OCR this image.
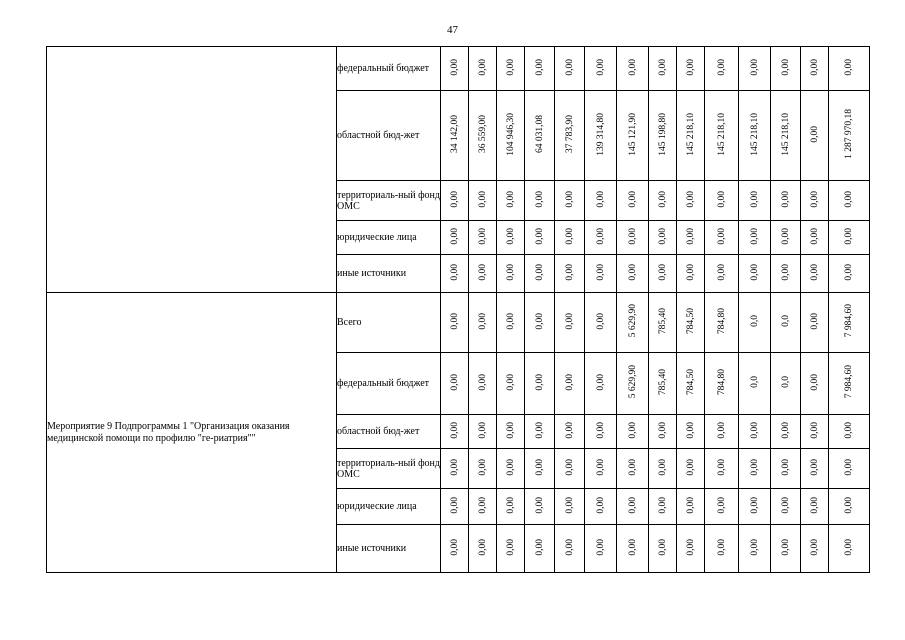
47
	федеральный бюджет	0,00	0,00	0,00	0,00	0,00	0,00	0,00	0,00	0,00	0,00	0,00	0,00	0,00	0,00
	областной бюд-жет	34 142,00	36 559,00	104 946,30	64 031,08	37 783,90	139 314,80	145 121,90	145 198,80	145 218,10	145 218,10	145 218,10	145 218,10	0,00	1 287 970,18
	территориаль-ный фонд ОМС	0,00	0,00	0,00	0,00	0,00	0,00	0,00	0,00	0,00	0,00	0,00	0,00	0,00	0,00
	юридические лица	0,00	0,00	0,00	0,00	0,00	0,00	0,00	0,00	0,00	0,00	0,00	0,00	0,00	0,00
	иные источники	0,00	0,00	0,00	0,00	0,00	0,00	0,00	0,00	0,00	0,00	0,00	0,00	0,00	0,00
Мероприятие 9 Подпрограммы 1 "Организация оказания медицинской помощи по профилю "ге-риатрия""	Всего	0,00	0,00	0,00	0,00	0,00	0,00	5 629,90	785,40	784,50	784,80	0,0	0,0	0,00	7 984,60
	федеральный бюджет	0,00	0,00	0,00	0,00	0,00	0,00	5 629,90	785,40	784,50	784,80	0,0	0,0	0,00	7 984,60
	областной бюд-жет	0,00	0,00	0,00	0,00	0,00	0,00	0,00	0,00	0,00	0,00	0,00	0,00	0,00	0,00
	территориаль-ный фонд ОМС	0,00	0,00	0,00	0,00	0,00	0,00	0,00	0,00	0,00	0,00	0,00	0,00	0,00	0,00
	юридические лица	0,00	0,00	0,00	0,00	0,00	0,00	0,00	0,00	0,00	0,00	0,00	0,00	0,00	0,00
	иные источники	0,00	0,00	0,00	0,00	0,00	0,00	0,00	0,00	0,00	0,00	0,00	0,00	0,00	0,00
